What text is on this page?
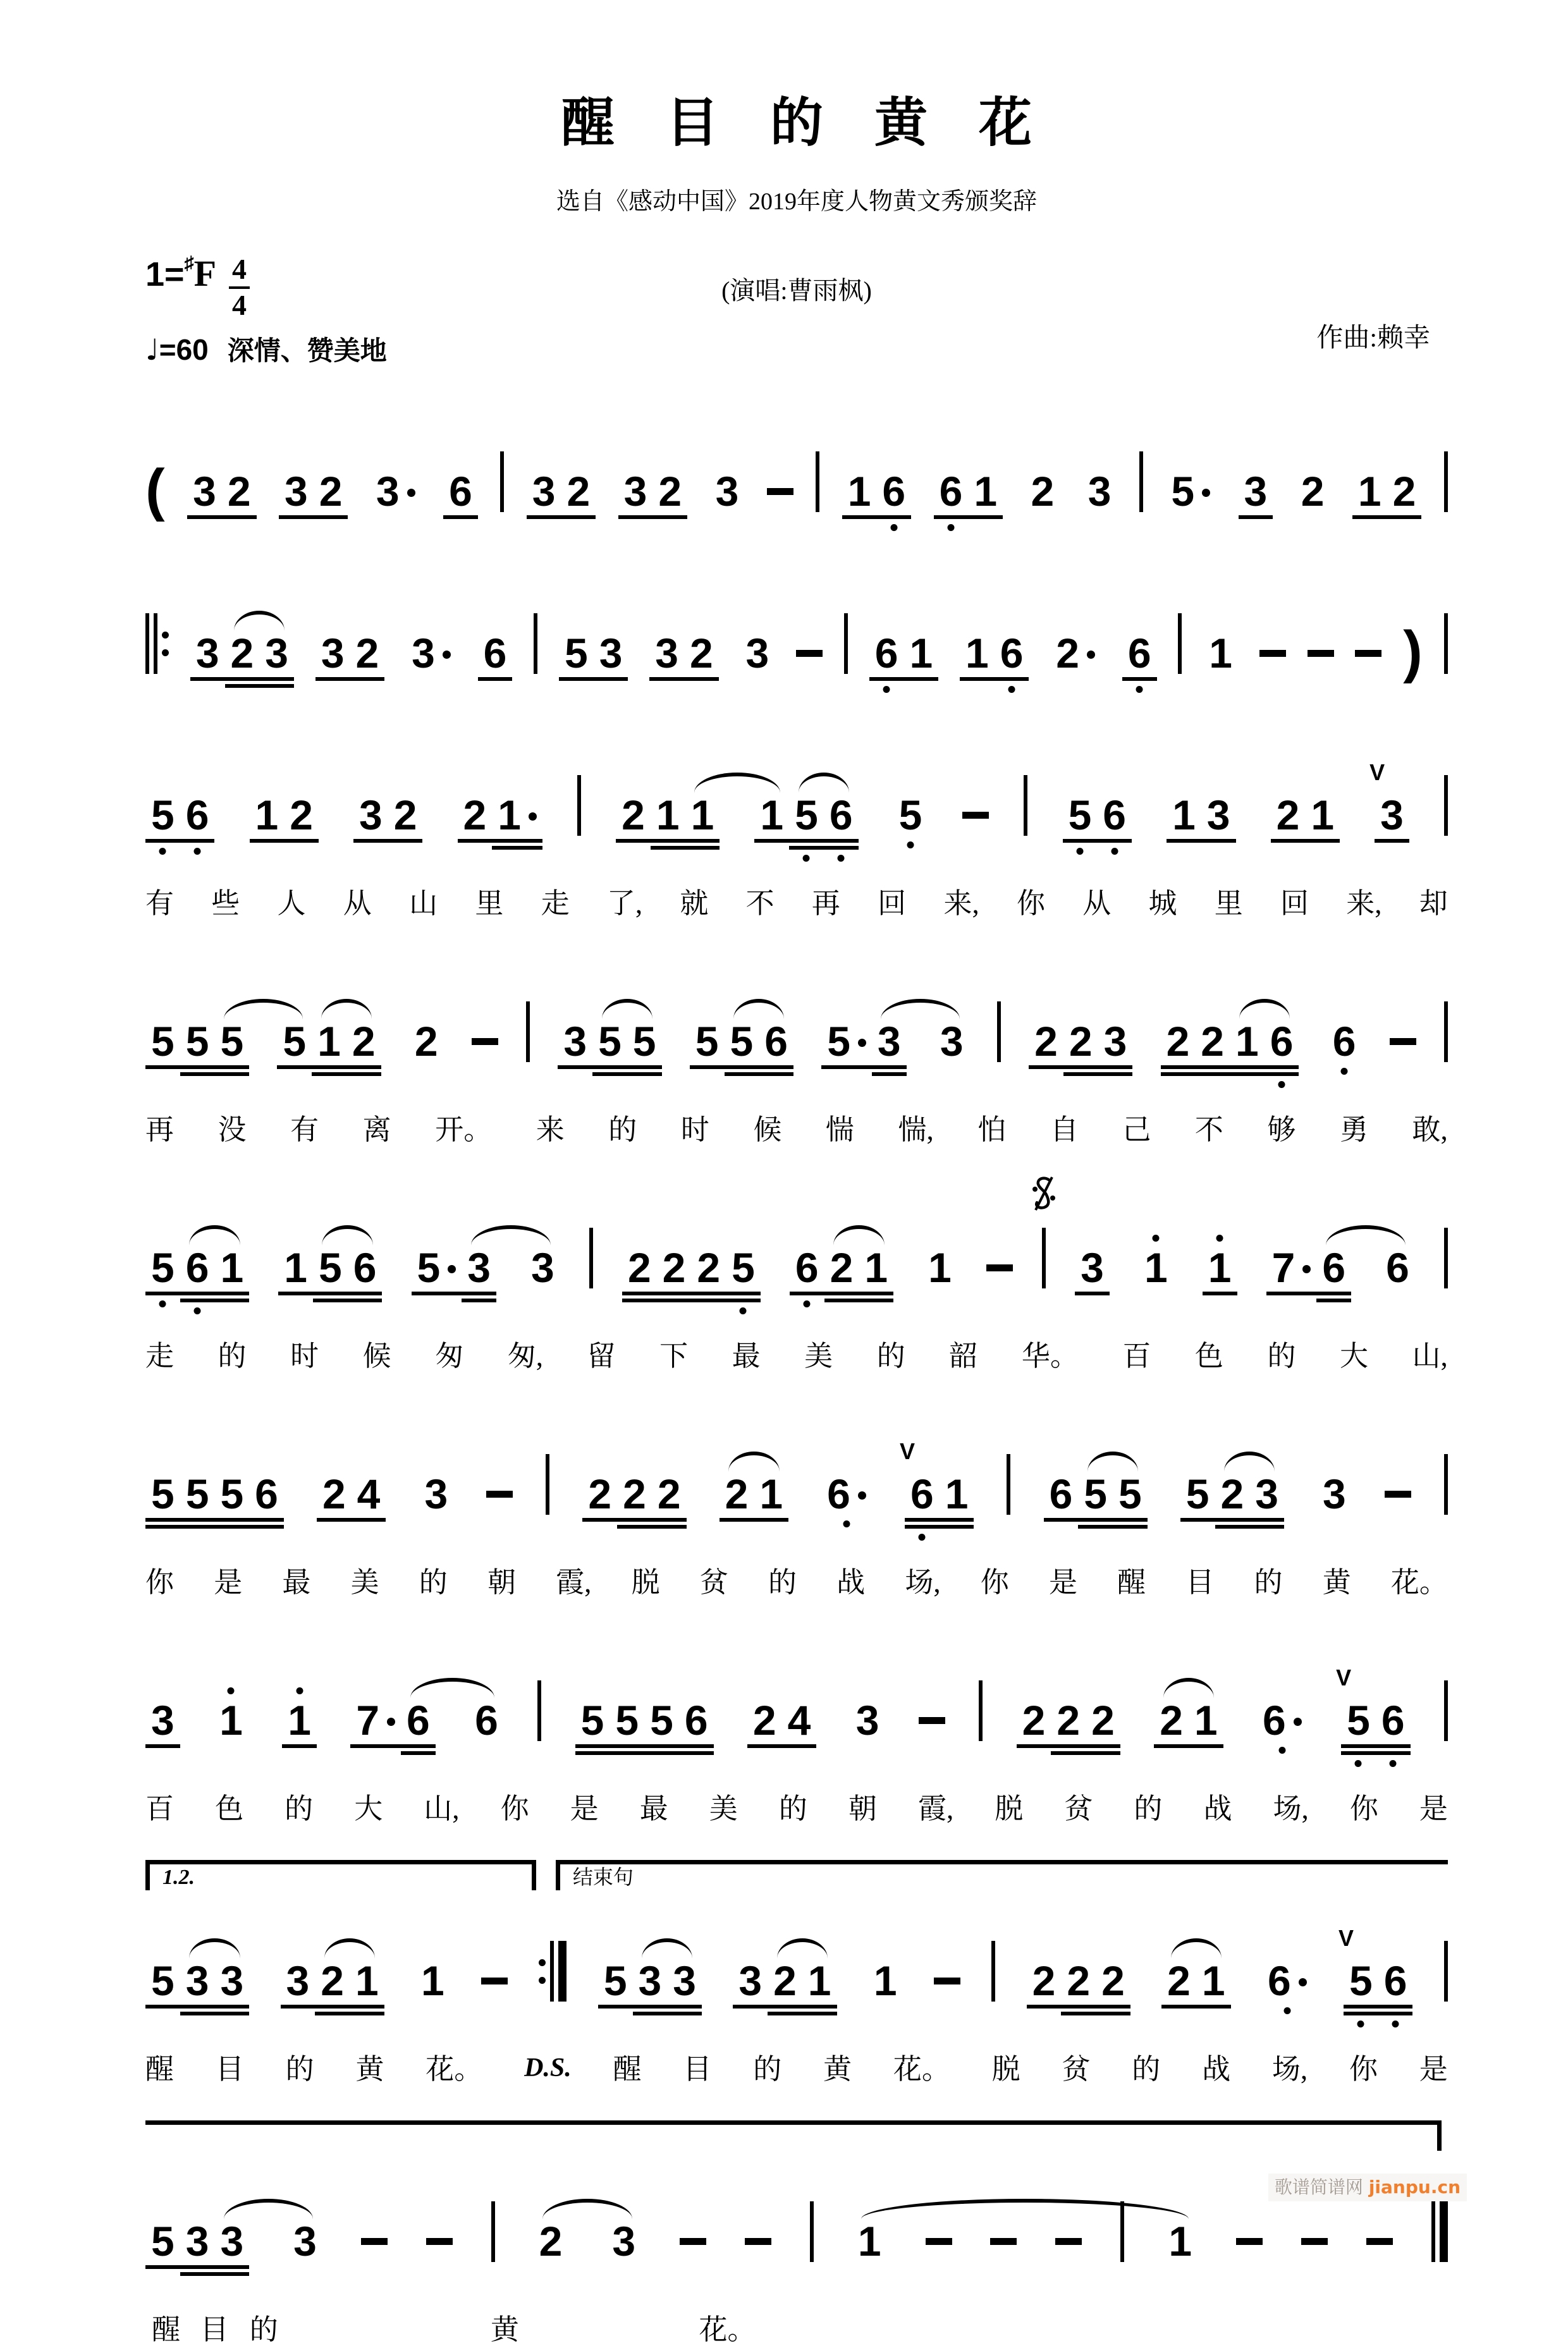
醒 目 的 黄 花
选自《感动中国》2019年度人物黄文秀颁奖辞
1=♯F 4
4	(演唱:曹雨枫)
♩=60 深情、赞美地	作曲:赖幸
( 3 2 3 2 3	6 3 2 3 2 3	1 6 6 1 2 3 5	3 2 1 2
3 2 3 3 2 3	6 5 3 3 2 3	6 1 1 6 2	6 1	)
5 6 1 2 3 2 2 1	2 1 1 1 5 6 5	5 6 1 3 2 1
V
3
有 些 人 从 山 里 走 了, 就 不 再 回 来, 你 从 城 里 回 来, 却
5 5 5 5 1 2 2	3 5 5 5 5 6 5 3 3 2 2 3 2 2 1 6 6
再 没 有 离 开。 来 的 时 候 惴 惴, 怕 自 己 不 够 勇 敢,
5 6 1 1 5 6 5 3 3 2 2 2 5 6 2 1 1	3 1 1 7 6 6
走 的 时 候 匆 匆, 留 下 最 美 的 韶 华。 百 色 的 大 山,
5 5 5 6 2 4 3	2 2 2 2 1 6
V
6 1 6 5 5 5 2 3 3
你 是 最 美 的 朝 霞, 脱 贫 的 战 场, 你 是 醒 目 的 黄 花。
3 1 1 7 6 6 5 5 5 6 2 4 3	2 2 2 2 1 6
V
5 6
百 色 的 大 山, 你 是 最 美 的 朝 霞, 脱 贫 的 战 场, 你 是
1.2.	结束句
5 3 3 3 2 1 1	5 3 3 3 2 1 1	2 2 2 2 1 6
V
5 6
醒 目 的 黄 花。 D.S. 醒 目 的 黄 花。 脱 贫 的 战 场, 你 是
5 3 3 3	2 3	1	1
醒 目 的	黄	花。
歌谱简谱网 jianpu.cn
